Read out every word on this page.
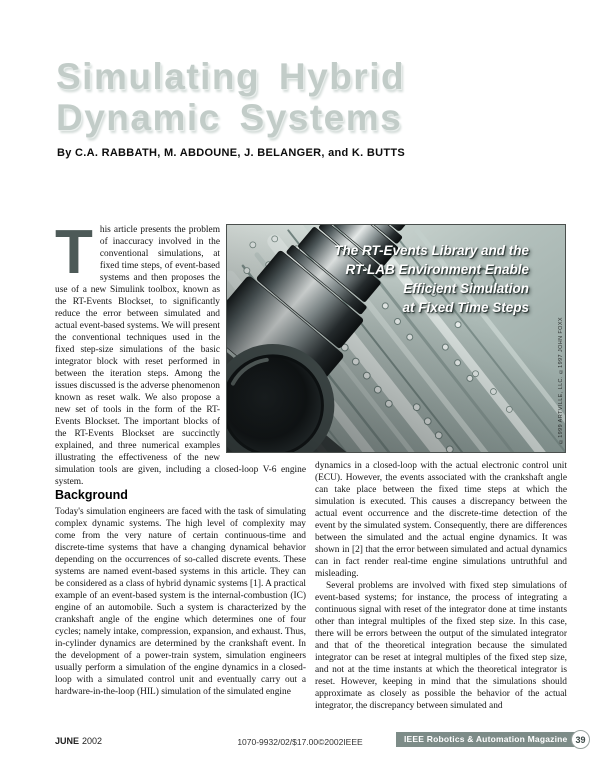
Simulating Hybrid
Dynamic Systems
By C.A. RABBATH, M. ABDOUNE, J. BELANGER, and K. BUTTS
The RT-Events Library and the
RT-LAB Environment Enable
Efficient Simulation
at Fixed Time Steps
©1999 ARTVILLE, LLC. ©1997 JOHN FOXX
This article presents the problem of inaccuracy involved in the conventional simulations, at fixed time steps, of event-based systems and then proposes the use of a new Simulink toolbox, known as the RT-Events Blockset, to significantly reduce the error between simulated and actual event-based systems. We will present the conventional techniques used in the fixed step-size simulations of the basic integrator block with reset performed in between the iteration steps. Among the issues discussed is the adverse phenomenon known as reset walk. We also propose a new set of tools in the form of the RT-Events Blockset. The important blocks of the RT-Events Blockset are succinctly explained, and three numerical examples illustrating the effectiveness of the new simulation tools are given, including a closed-loop V-6 engine system.
Background

Today's simulation engineers are faced with the task of simulating complex dynamic systems. The high level of complexity may come from the very nature of certain continuous-time and discrete-time systems that have a changing dynamical behavior depending on the occurrences of so-called discrete events. These systems are named event-based systems in this article. They can be considered as a class of hybrid dynamic systems [1]. A practical example of an event-based system is the internal-combustion (IC) engine of an automobile. Such a system is characterized by the crankshaft angle of the engine which determines one of four cycles; namely intake, compression, expansion, and exhaust. Thus, in-cylinder dynamics are determined by the crankshaft event. In the development of a power-train system, simulation engineers usually perform a simulation of the engine dynamics in a closed-loop with a simulated control unit and eventually carry out a hardware-in-the-loop (HIL) simulation of the simulated engine

dynamics in a closed-loop with the actual electronic control unit (ECU). However, the events associated with the crankshaft angle can take place between the fixed time steps at which the simulation is executed. This causes a discrepancy between the actual event occurrence and the discrete-time detection of the event by the simulated system. Consequently, there are differences between the simulated and the actual engine dynamics. It was shown in [2] that the error between simulated and actual dynamics can in fact render real-time engine simulations untruthful and misleading.

Several problems are involved with fixed step simulations of event-based systems; for instance, the process of integrating a continuous signal with reset of the integrator done at time instants other than integral multiples of the fixed step size. In this case, there will be errors between the output of the simulated integrator and that of the theoretical integration because the simulated integrator can be reset at integral multiples of the fixed step size, and not at the time instants at which the theoretical integrator is reset. However, keeping in mind that the simulations should approximate as closely as possible the behavior of the actual integrator, the discrepancy between simulated and

JUNE 2002	1070-9932/02/$17.00©2002IEEE	IEEE Robotics & Automation Magazine 39
